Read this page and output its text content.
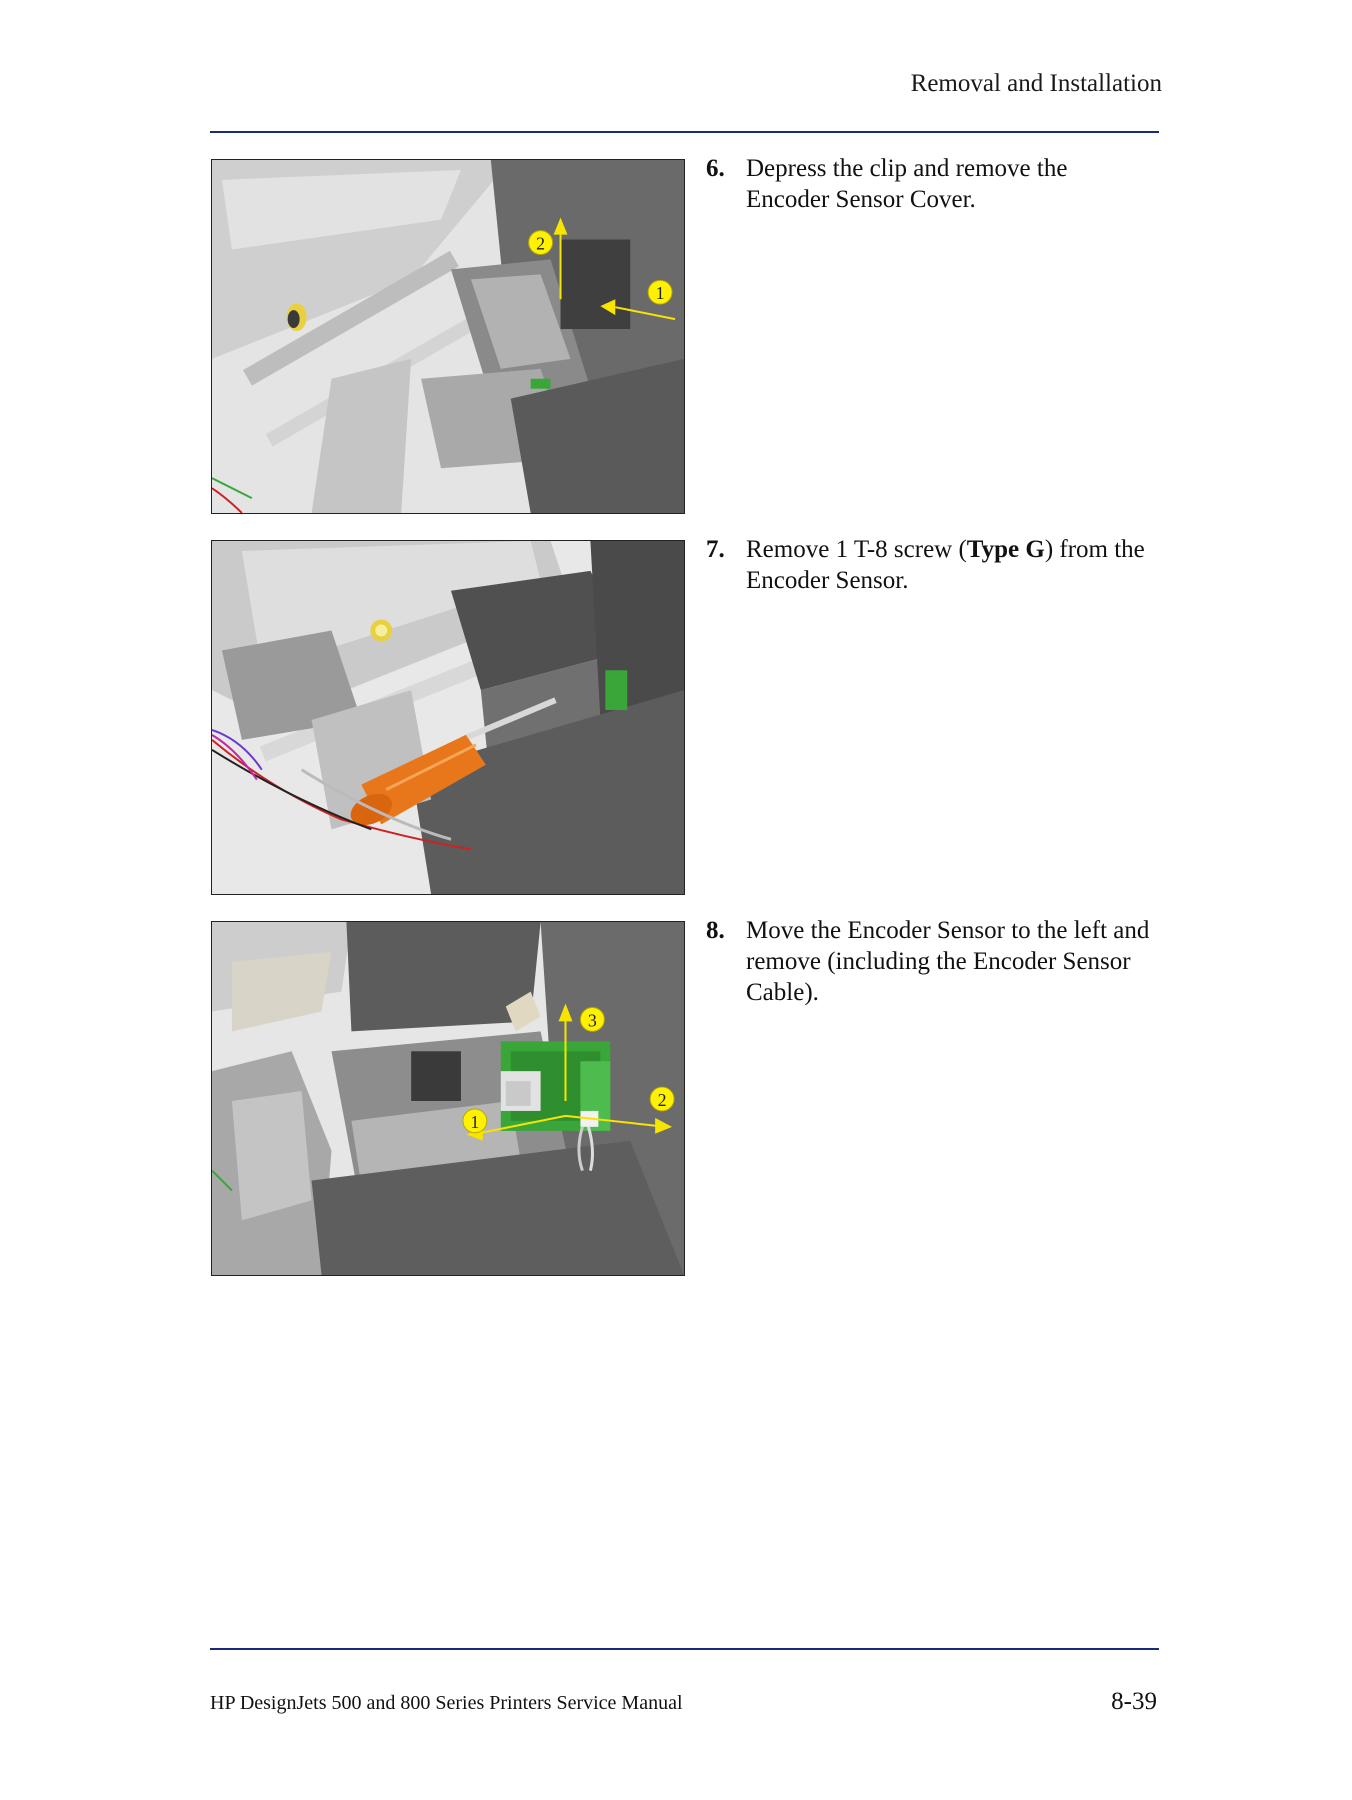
Removal and Installation
2
1
6. Depress the clip and remove the Encoder Sensor Cover.
7. Remove 1 T-8 screw (Type G) from the Encoder Sensor.
3
2
1
8. Move the Encoder Sensor to the left and remove (including the Encoder Sensor Cable).
HP DesignJets 500 and 800 Series Printers Service Manual	8-39
